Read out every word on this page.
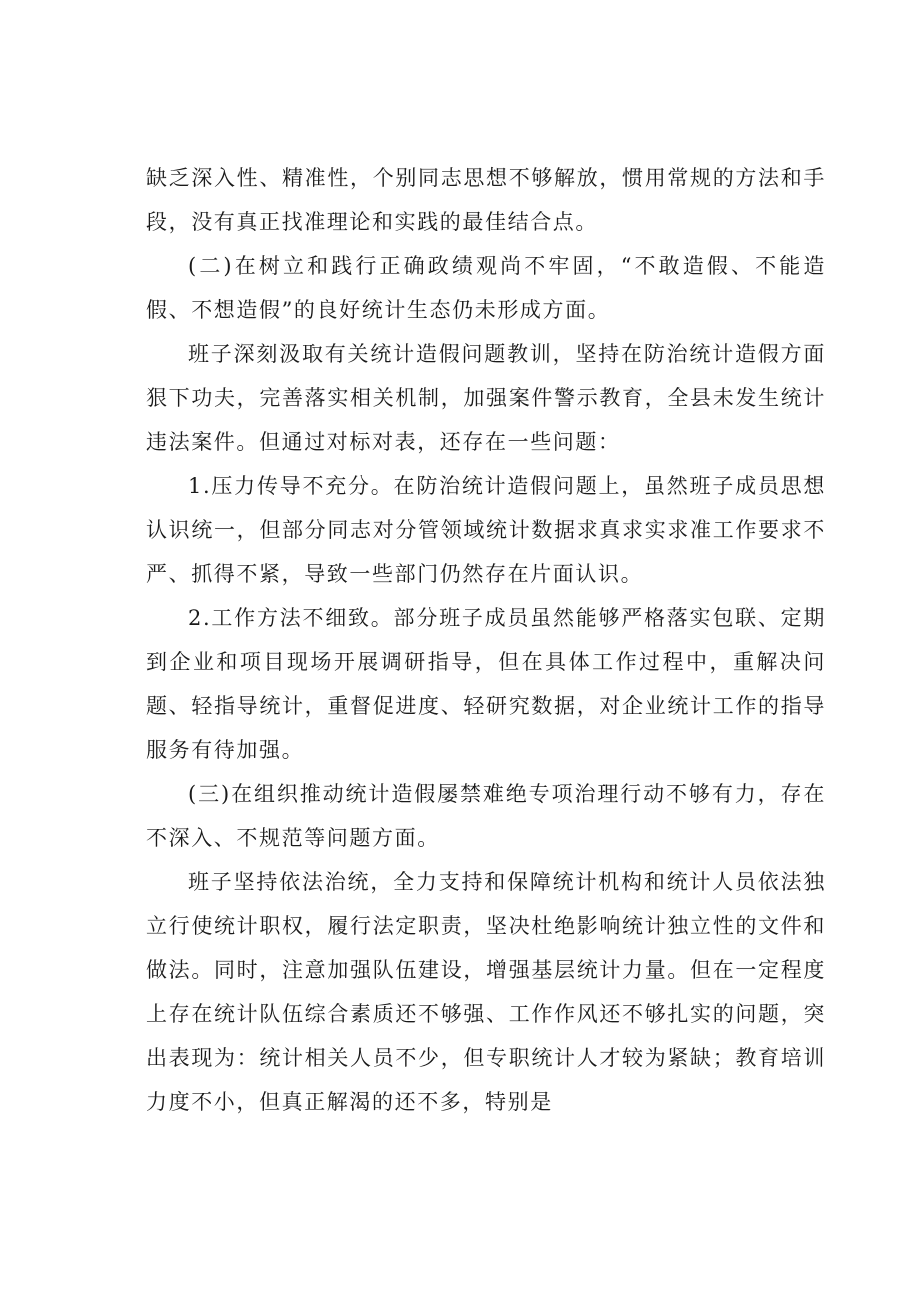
缺乏深入性、精准性，个别同志思想不够解放，惯用常规的方法和手段，没有真正找准理论和实践的最佳结合点。

(二)在树立和践行正确政绩观尚不牢固，“不敢造假、不能造假、不想造假”的良好统计生态仍未形成方面。

班子深刻汲取有关统计造假问题教训，坚持在防治统计造假方面狠下功夫，完善落实相关机制，加强案件警示教育，全县未发生统计违法案件。但通过对标对表，还存在一些问题：

1.压力传导不充分。在防治统计造假问题上，虽然班子成员思想认识统一，但部分同志对分管领域统计数据求真求实求准工作要求不严、抓得不紧，导致一些部门仍然存在片面认识。

2.工作方法不细致。部分班子成员虽然能够严格落实包联、定期到企业和项目现场开展调研指导，但在具体工作过程中，重解决问题、轻指导统计，重督促进度、轻研究数据，对企业统计工作的指导服务有待加强。

(三)在组织推动统计造假屡禁难绝专项治理行动不够有力，存在不深入、不规范等问题方面。

班子坚持依法治统，全力支持和保障统计机构和统计人员依法独立行使统计职权，履行法定职责，坚决杜绝影响统计独立性的文件和做法。同时，注意加强队伍建设，增强基层统计力量。但在一定程度上存在统计队伍综合素质还不够强、工作作风还不够扎实的问题，突出表现为：统计相关人员不少，但专职统计人才较为紧缺；教育培训力度不小，但真正解渴的还不多，特别是
